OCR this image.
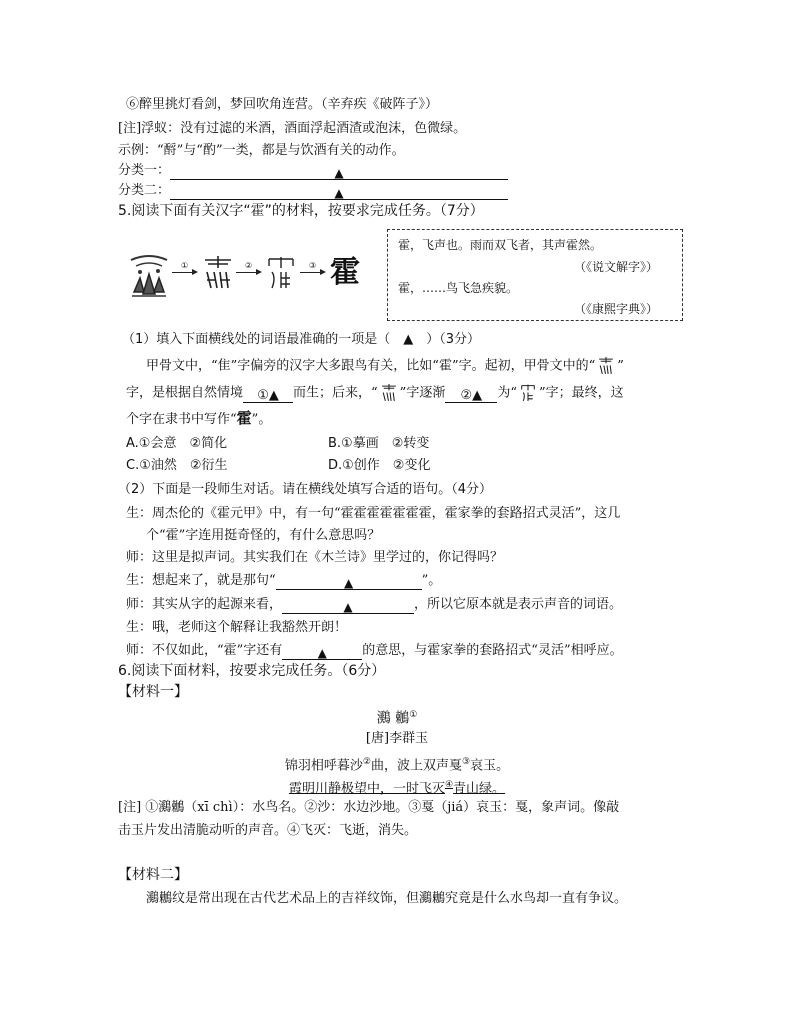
⑥醉里挑灯看剑，梦回吹角连营。（辛弃疾《破阵子》）
[注]浮蚁：没有过滤的米酒，酒面浮起酒渣或泡沫，色微绿。
示例：“酹”与“酌”一类，都是与饮酒有关的动作。
分类一：	▲
分类二：	▲
5.阅读下面有关汉字“霍”的材料，按要求完成任务。（7分）
①	②	③ 霍
霍，飞声也。雨而双飞者，其声霍然。
（《说文解字》）
霍，……鸟飞急疾貌。
（《康熙字典》）
（1）填入下面横线处的词语最准确的一项是（　▲　）（3分）
甲骨文中，“隹”字偏旁的汉字大多跟鸟有关，比如“霍”字。起初，甲骨文中的“ ”
字，是根据自然情境 ①▲ 而生；后来，“ ”字逐渐 ②▲ 为“ ”字；最终，这
个字在隶书中写作“霍”。
A.①会意　②简化	B.①摹画　②转变
C.①油然　②衍生	D.①创作　②变化
（2）下面是一段师生对话。请在横线处填写合适的语句。（4分）
生：周杰伦的《霍元甲》中，有一句“霍霍霍霍霍霍霍，霍家拳的套路招式灵活”，这几
个“霍”字连用挺奇怪的，有什么意思吗？
师：这里是拟声词。其实我们在《木兰诗》里学过的，你记得吗？
生：想起来了，就是那句“	▲	”。
师：其实从字的起源来看，	▲	，所以它原本就是表示声音的词语。
生：哦，老师这个解释让我豁然开朗！
师：不仅如此，“霍”字还有	▲	的意思，与霍家拳的套路招式“灵活”相呼应。
6.阅读下面材料，按要求完成任务。（6分）
【材料一】
鸂 鶒①
[唐]李群玉
锦羽相呼暮沙②曲，波上双声戛③哀玉。
霞明川静极望中，一时飞灭④青山绿。
[注] ①鸂鶒（xī chì）：水鸟名。②沙：水边沙地。③戛（jiá）哀玉：戛，象声词。像敲
击玉片发出清脆动听的声音。④飞灭：飞逝，消失。
【材料二】
鸂鶒纹是常出现在古代艺术品上的吉祥纹饰，但鸂鶒究竟是什么水鸟却一直有争议。
